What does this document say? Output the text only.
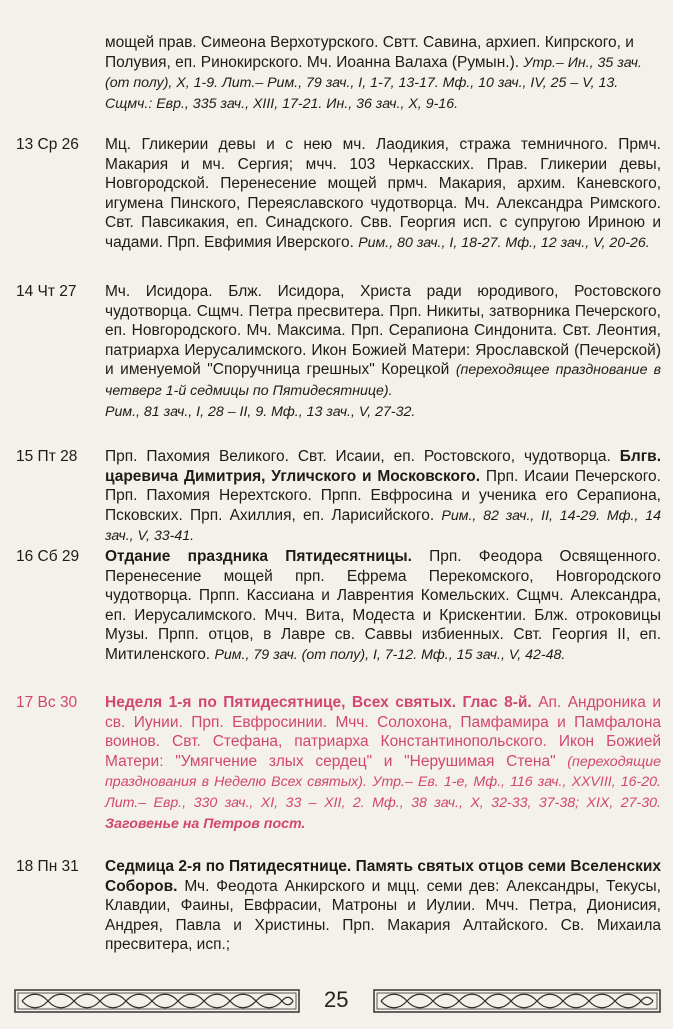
мощей прав. Симеона Верхотурского. Свтт. Савина, архиеп. Кипрского, и Полувия, еп. Ринокирского. Мч. Иоанна Валаха (Румын.). Утр.– Ин., 35 зач. (от полу), X, 1-9. Лит.– Рим., 79 зач., I, 1-7, 13-17. Мф., 10 зач., IV, 25 – V, 13. Сщмч.: Евр., 335 зач., XIII, 17-21. Ин., 36 зач., X, 9-16.
13 Ср 26	Мц. Гликерии девы и с нею мч. Лаодикия, стража темничного. Прмч. Макария и мч. Сергия; мчч. 103 Черкасских. Прав. Гликерии девы, Новгородской. Перенесение мощей прмч. Макария, архим. Каневского, игумена Пинского, Переяславского чудотворца. Мч. Александра Римского. Свт. Павсикакия, еп. Синадского. Свв. Георгия исп. с супругою Ириною и чадами. Прп. Евфимия Иверского. Рим., 80 зач., I, 18-27. Мф., 12 зач., V, 20-26.
14 Чт 27	Мч. Исидора. Блж. Исидора, Христа ради юродивого, Ростовского чудотворца. Сщмч. Петра пресвитера. Прп. Никиты, затворника Печерского, еп. Новгородского. Мч. Максима. Прп. Серапиона Синдонита. Свт. Леонтия, патриарха Иерусалимского. Икон Божией Матери: Ярославской (Печерской) и именуемой "Споручница грешных" Корецкой (переходящее празднование в четверг 1-й седмицы по Пятидесятнице).
Рим., 81 зач., I, 28 – II, 9. Мф., 13 зач., V, 27-32.
15 Пт 28	Прп. Пахомия Великого. Свт. Исаии, еп. Ростовского, чудотворца. Блгв. царевича Димитрия, Угличского и Московского. Прп. Исаии Печерского. Прп. Пахомия Нерехтского. Прпп. Евфросина и ученика его Серапиона, Псковских. Прп. Ахиллия, еп. Ларисийского. Рим., 82 зач., II, 14-29. Мф., 14 зач., V, 33-41.
16 Сб 29	Отдание праздника Пятидесятницы. Прп. Феодора Освященного. Перенесение мощей прп. Ефрема Перекомского, Новгородского чудотворца. Прпп. Кассиана и Лаврентия Комельских. Сщмч. Александра, еп. Иерусалимского. Мчч. Вита, Модеста и Крискентии. Блж. отроковицы Музы. Прпп. отцов, в Лавре св. Саввы избиенных. Свт. Георгия II, еп. Митиленского. Рим., 79 зач. (от полу), I, 7-12. Мф., 15 зач., V, 42-48.
17 Вс 30	Неделя 1-я по Пятидесятнице, Всех святых. Глас 8-й. Ап. Андроника и св. Иунии. Прп. Евфросинии. Мчч. Солохона, Памфамира и Памфалона воинов. Свт. Стефана, патриарха Константинопольского. Икон Божией Матери: "Умягчение злых сердец" и "Нерушимая Стена" (переходящие празднования в Неделю Всех святых). Утр.– Ев. 1-е, Мф., 116 зач., XXVIII, 16-20. Лит.– Евр., 330 зач., XI, 33 – XII, 2. Мф., 38 зач., X, 32-33, 37-38; XIX, 27-30. Заговенье на Петров пост.
18 Пн 31	Седмица 2-я по Пятидесятнице. Память святых отцов семи Вселенских Соборов. Мч. Феодота Анкирского и мцц. семи дев: Александры, Текусы, Клавдии, Фаины, Евфрасии, Матроны и Иулии. Мчч. Петра, Дионисия, Андрея, Павла и Христины. Прп. Макария Алтайского. Св. Михаила пресвитера, исп.;
25
